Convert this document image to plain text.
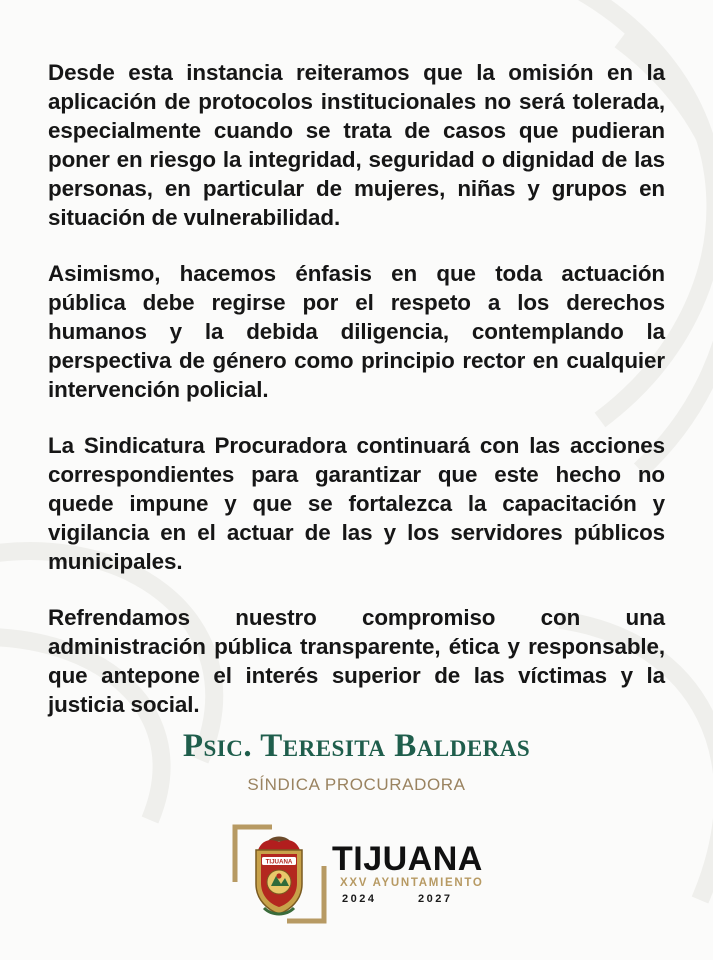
Desde esta instancia reiteramos que la omisión en la aplicación de protocolos institucionales no será tolerada, especialmente cuando se trata de casos que pudieran poner en riesgo la integridad, seguridad o dignidad de las personas, en particular de mujeres, niñas y grupos en situación de vulnerabilidad.

Asimismo, hacemos énfasis en que toda actuación pública debe regirse por el respeto a los derechos humanos y la debida diligencia, contemplando la perspectiva de género como principio rector en cualquier intervención policial.

La Sindicatura Procuradora continuará con las acciones correspondientes para garantizar que este hecho no quede impune y que se fortalezca la capacitación y vigilancia en el actuar de las y los servidores públicos municipales.

Refrendamos nuestro compromiso con una administración pública transparente, ética y responsable, que antepone el interés superior de las víctimas y la justicia social.

Psic. Teresita Balderas
SÍNDICA PROCURADORA
TIJUANA TIJUANA
XXV AYUNTAMIENTO
2024	2027
